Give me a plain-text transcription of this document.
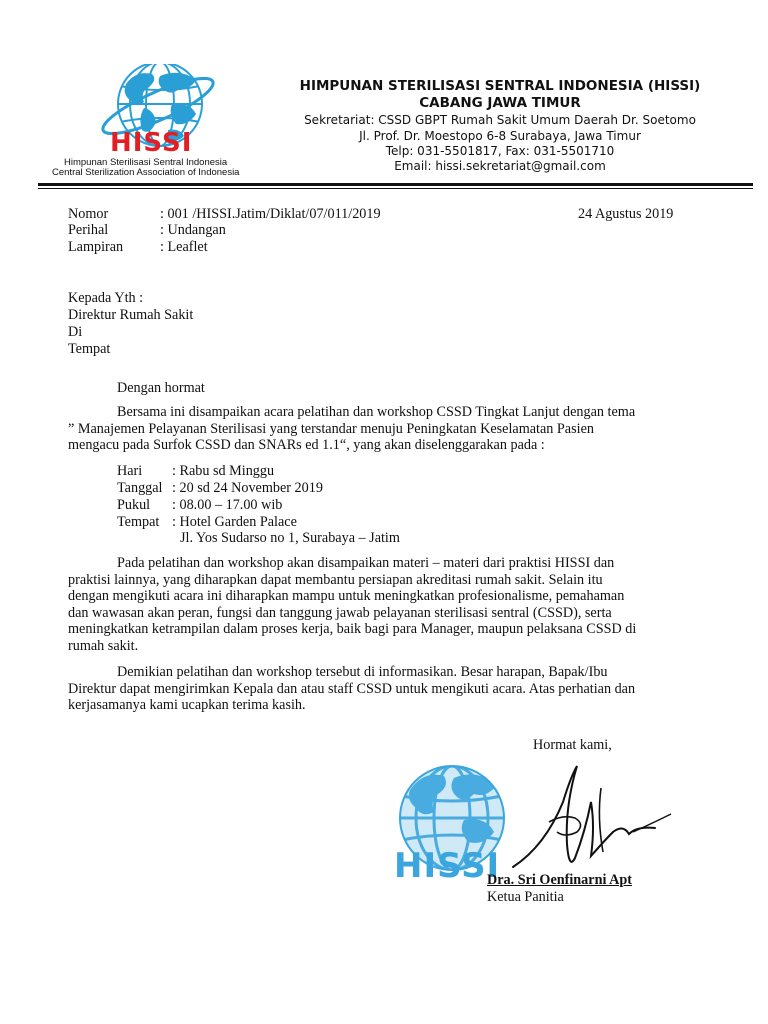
HISSI
Himpunan Sterilisasi Sentral Indonesia
Central Sterilization Association of Indonesia
HIMPUNAN STERILISASI SENTRAL INDONESIA (HISSI)
CABANG JAWA TIMUR
Sekretariat: CSSD GBPT Rumah Sakit Umum Daerah Dr. Soetomo
Jl. Prof. Dr. Moestopo 6-8 Surabaya, Jawa Timur
Telp: 031-5501817, Fax: 031-5501710
Email: hissi.sekretariat@gmail.com
Nomor	: 001 /HISSI.Jatim/Diklat/07/011/2019	24 Agustus 2019
Perihal	: Undangan
Lampiran	: Leaflet
Kepada Yth :
Direktur Rumah Sakit
Di
Tempat
Dengan hormat
Bersama ini disampaikan acara pelatihan dan workshop CSSD Tingkat Lanjut dengan tema
” Manajemen Pelayanan Sterilisasi yang terstandar menuju Peningkatan Keselamatan Pasien
mengacu pada Surfok CSSD dan SNARs ed 1.1“, yang akan diselenggarakan pada :
Hari : Rabu sd Minggu
Tanggal : 20 sd 24 November 2019
Pukul : 08.00 – 17.00 wib
Tempat : Hotel Garden Palace
Jl. Yos Sudarso no 1, Surabaya – Jatim
Pada pelatihan dan workshop akan disampaikan materi – materi dari praktisi HISSI dan
praktisi lainnya, yang diharapkan dapat membantu persiapan akreditasi rumah sakit. Selain itu
dengan mengikuti acara ini diharapkan mampu untuk meningkatkan profesionalisme, pemahaman
dan wawasan akan peran, fungsi dan tanggung jawab pelayanan sterilisasi sentral (CSSD), serta
meningkatkan ketrampilan dalam proses kerja, baik bagi para Manager, maupun pelaksana CSSD di
rumah sakit.
Demikian pelatihan dan workshop tersebut di informasikan. Besar harapan, Bapak/Ibu
Direktur dapat mengirimkan Kepala dan atau staff CSSD untuk mengikuti acara. Atas perhatian dan
kerjasamanya kami ucapkan terima kasih.
Hormat kami,
HISSI
Dra. Sri Oenfinarni Apt
Ketua Panitia
